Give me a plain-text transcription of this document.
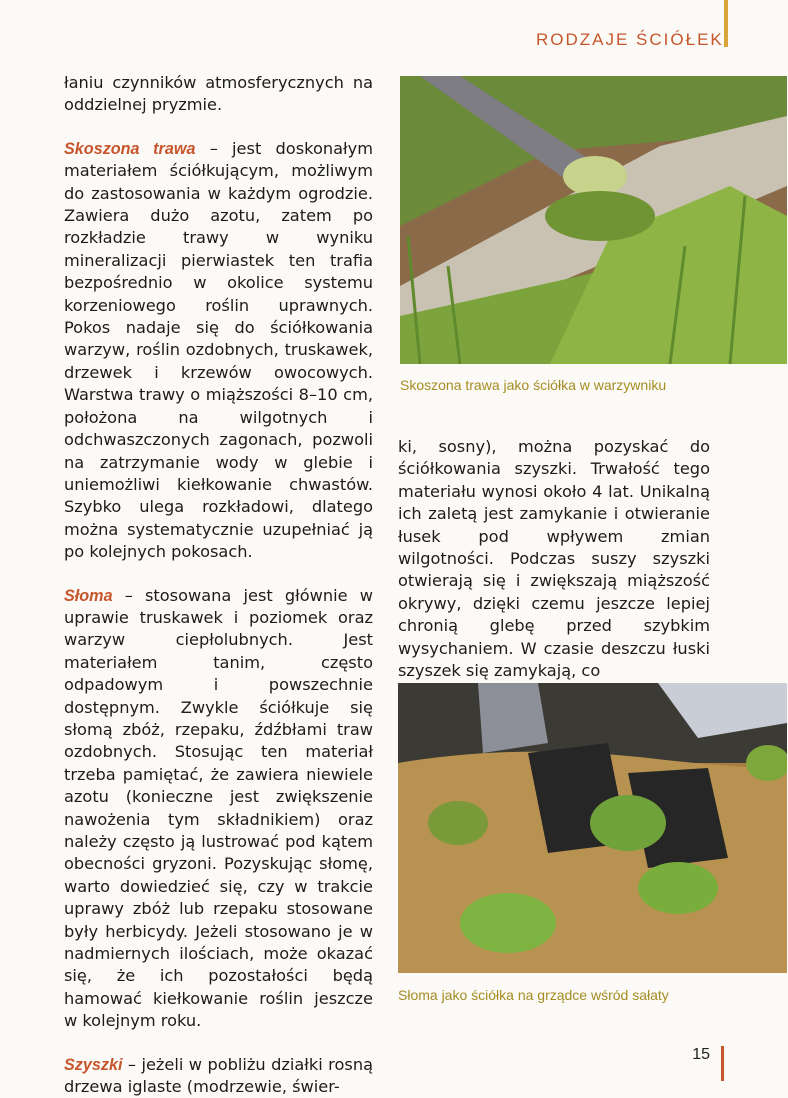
RODZAJE ŚCIÓŁEK

łaniu czynników atmosferycznych na oddzielnej pryzmie.

Skoszona trawa – jest doskonałym materiałem ściółkującym, możliwym do zastosowania w każdym ogrodzie. Zawiera dużo azotu, zatem po rozkładzie trawy w wyniku mineralizacji pierwiastek ten trafia bezpośrednio w okolice systemu korzeniowego roślin uprawnych. Pokos nadaje się do ściółkowania warzyw, roślin ozdobnych, truskawek, drzewek i krzewów owocowych. Warstwa trawy o miąższości 8–10 cm, położona na wilgotnych i odchwaszczonych zagonach, pozwoli na zatrzymanie wody w glebie i uniemożliwi kiełkowanie chwastów. Szybko ulega rozkładowi, dlatego można systematycznie uzupełniać ją po kolejnych pokosach.

Słoma – stosowana jest głównie w uprawie truskawek i poziomek oraz warzyw ciepłolubnych. Jest materiałem tanim, często odpadowym i powszechnie dostępnym. Zwykle ściółkuje się słomą zbóż, rzepaku, źdźbłami traw ozdobnych. Stosując ten materiał trzeba pamiętać, że zawiera niewiele azotu (konieczne jest zwiększenie nawożenia tym składnikiem) oraz należy często ją lustrować pod kątem obecności gryzoni. Pozyskując słomę, warto dowiedzieć się, czy w trakcie uprawy zbóż lub rzepaku stosowane były herbicydy. Jeżeli stosowano je w nadmiernych ilościach, może okazać się, że ich pozostałości będą hamować kiełkowanie roślin jeszcze w kolejnym roku.

Szyszki – jeżeli w pobliżu działki rosną drzewa iglaste (modrzewie, świer-

Skoszona trawa jako ściółka w warzywniku

ki, sosny), można pozyskać do ściółkowania szyszki. Trwałość tego materiału wynosi około 4 lat. Unikalną ich zaletą jest zamykanie i otwieranie łusek pod wpływem zmian wilgotności. Podczas suszy szyszki otwierają się i zwiększają miąższość okrywy, dzięki czemu jeszcze lepiej chronią glebę przed szybkim wysychaniem. W czasie deszczu łuski szyszek się zamykają, co

Słoma jako ściółka na grządce wśród sałaty
15
